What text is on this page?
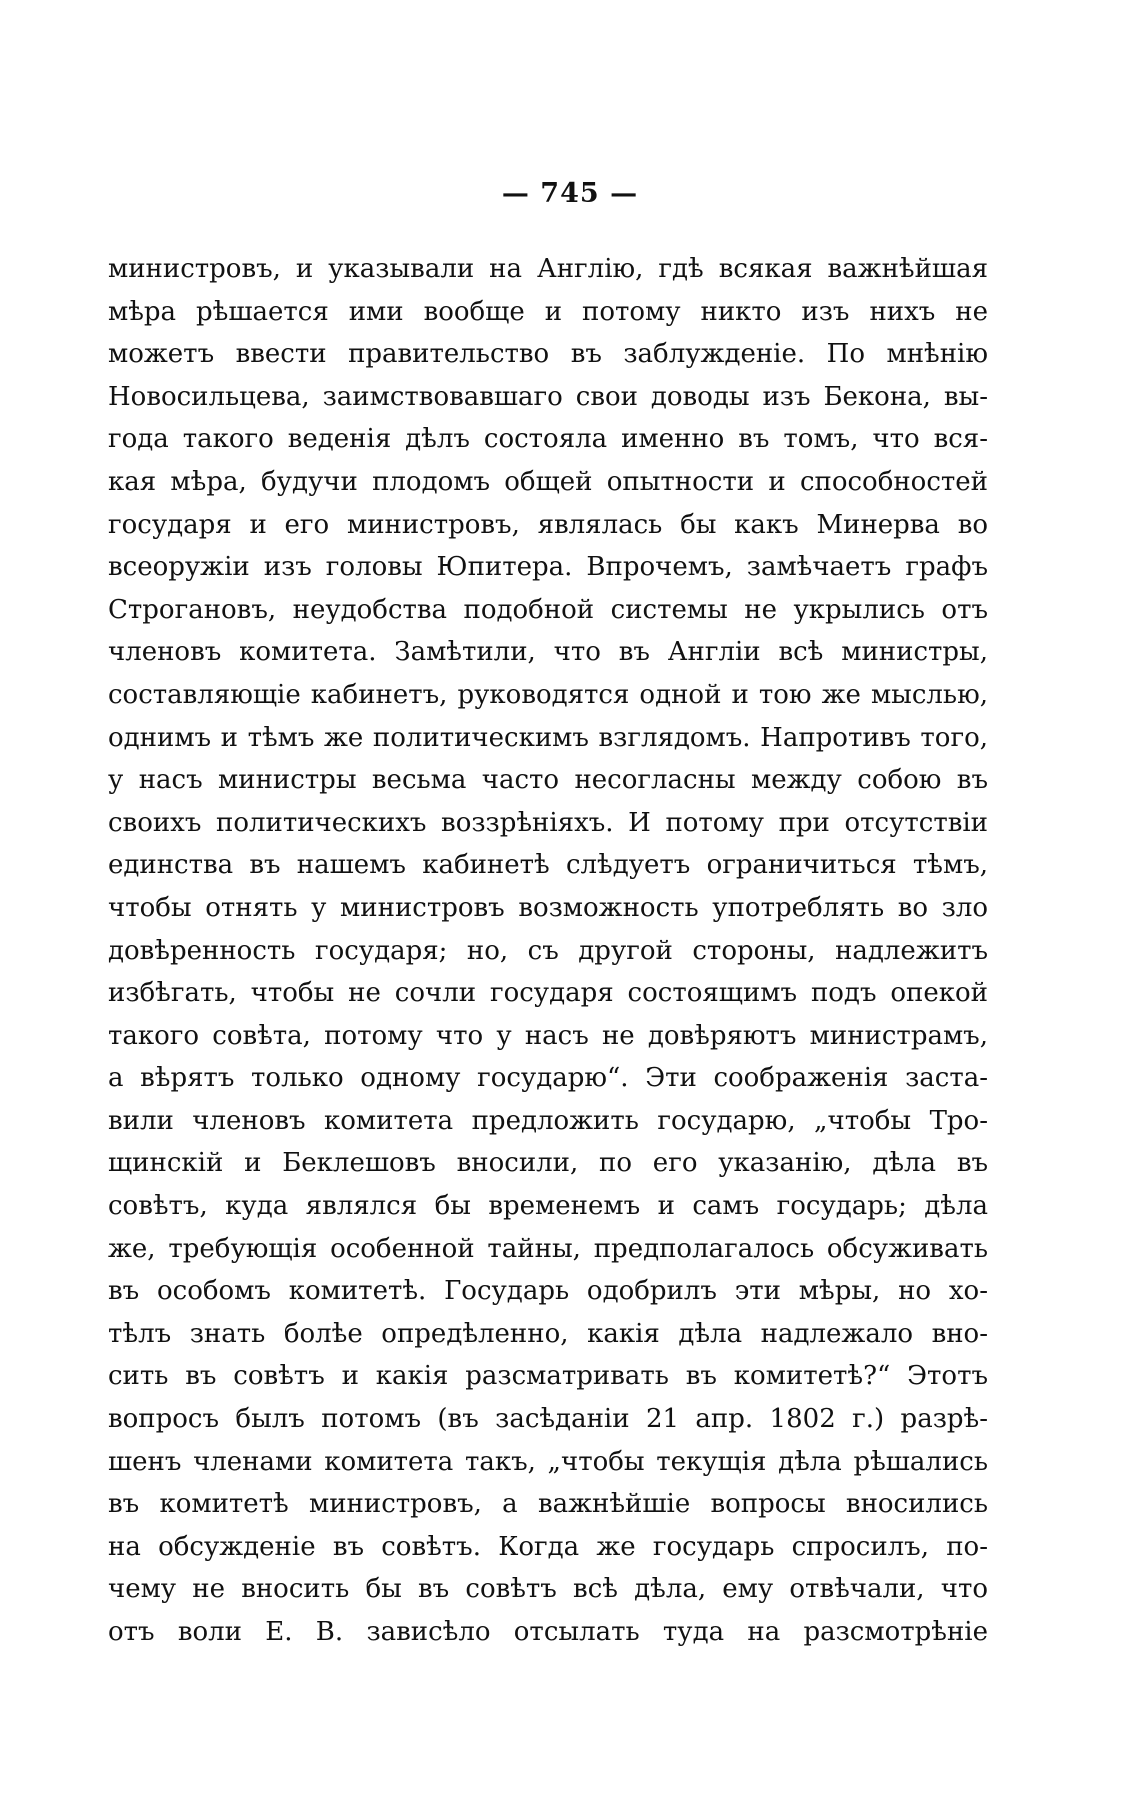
— 745 —
министровъ, и указывали на Англію, гдѣ всякая важнѣйшая
мѣра рѣшается ими вообще и потому никто изъ нихъ не
можетъ ввести правительство въ заблужденіе. По мнѣнію
Новосильцева, заимствовавшаго свои доводы изъ Бекона, вы-
года такого веденія дѣлъ состояла именно въ томъ, что вся-
кая мѣра, будучи плодомъ общей опытности и способностей
государя и его министровъ, являлась бы какъ Минерва во
всеоружіи изъ головы Юпитера. Впрочемъ, замѣчаетъ графъ
Строгановъ, неудобства подобной системы не укрылись отъ
членовъ комитета. Замѣтили, что въ Англіи всѣ министры,
составляющіе кабинетъ, руководятся одной и тою же мыслью,
однимъ и тѣмъ же политическимъ взглядомъ. Напротивъ того,
у насъ министры весьма часто несогласны между собою въ
своихъ политическихъ воззрѣніяхъ. И потому при отсутствіи
единства въ нашемъ кабинетѣ слѣдуетъ ограничиться тѣмъ,
чтобы отнять у министровъ возможность употреблять во зло
довѣренность государя; но, съ другой стороны, надлежитъ
избѣгать, чтобы не сочли государя состоящимъ подъ опекой
такого совѣта, потому что у насъ не довѣряютъ министрамъ,
а вѣрятъ только одному государю“. Эти соображенія заста-
вили членовъ комитета предложить государю, „чтобы Тро-
щинскій и Беклешовъ вносили, по его указанію, дѣла въ
совѣтъ, куда являлся бы временемъ и самъ государь; дѣла
же, требующія особенной тайны, предполагалось обсуживать
въ особомъ комитетѣ. Государь одобрилъ эти мѣры, но хо-
тѣлъ знать болѣе опредѣленно, какія дѣла надлежало вно-
сить въ совѣтъ и какія разсматривать въ комитетѣ?“ Этотъ
вопросъ былъ потомъ (въ засѣданіи 21 апр. 1802 г.) разрѣ-
шенъ членами комитета такъ, „чтобы текущія дѣла рѣшались
въ комитетѣ министровъ, а важнѣйшіе вопросы вносились
на обсужденіе въ совѣтъ. Когда же государь спросилъ, по-
чему не вносить бы въ совѣтъ всѣ дѣла, ему отвѣчали, что
отъ воли Е. В. зависѣло отсылать туда на разсмотрѣніе
